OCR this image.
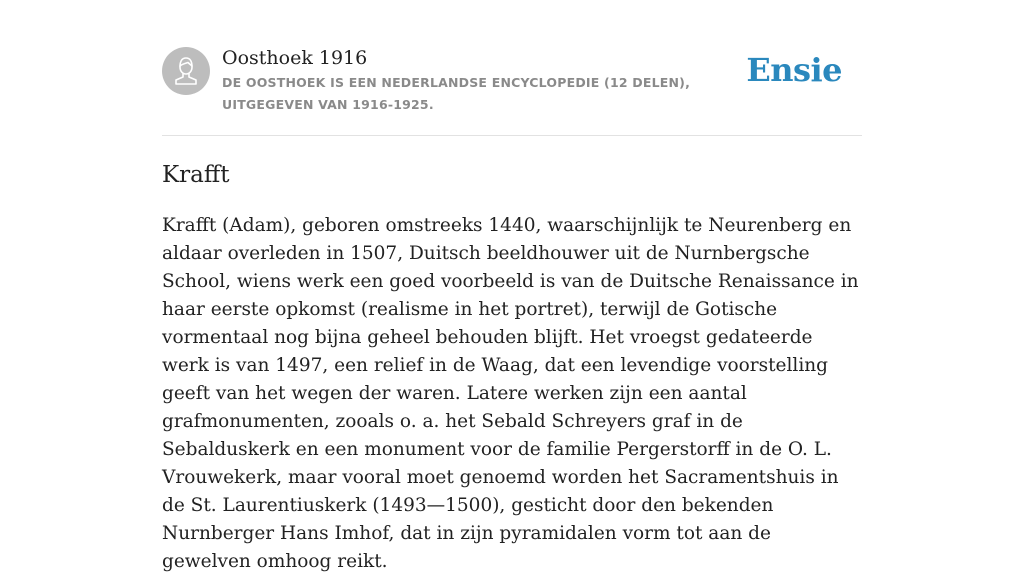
Oosthoek 1916
DE OOSTHOEK IS EEN NEDERLANDSE ENCYCLOPEDIE (12 DELEN), UITGEGEVEN VAN 1916-1925.
Ensie
Krafft

Krafft (Adam), geboren omstreeks 1440, waarschijnlijk te Neurenberg en aldaar overleden in 1507, Duitsch beeldhouwer uit de Nurnbergsche School, wiens werk een goed voorbeeld is van de Duitsche Renaissance in haar eerste opkomst (realisme in het portret), terwijl de Gotische vormentaal nog bijna geheel behouden blijft. Het vroegst gedateerde werk is van 1497, een relief in de Waag, dat een levendige voorstelling geeft van het wegen der waren. Latere werken zijn een aantal grafmonumenten, zooals o. a. het Sebald Schreyers graf in de Sebalduskerk en een monument voor de familie Pergerstorff in de O. L. Vrouwekerk, maar vooral moet genoemd worden het Sacramentshuis in de St. Laurentiuskerk (1493—1500), gesticht door den bekenden Nurnberger Hans Imhof, dat in zijn pyramidalen vorm tot aan de gewelven omhoog reikt.
